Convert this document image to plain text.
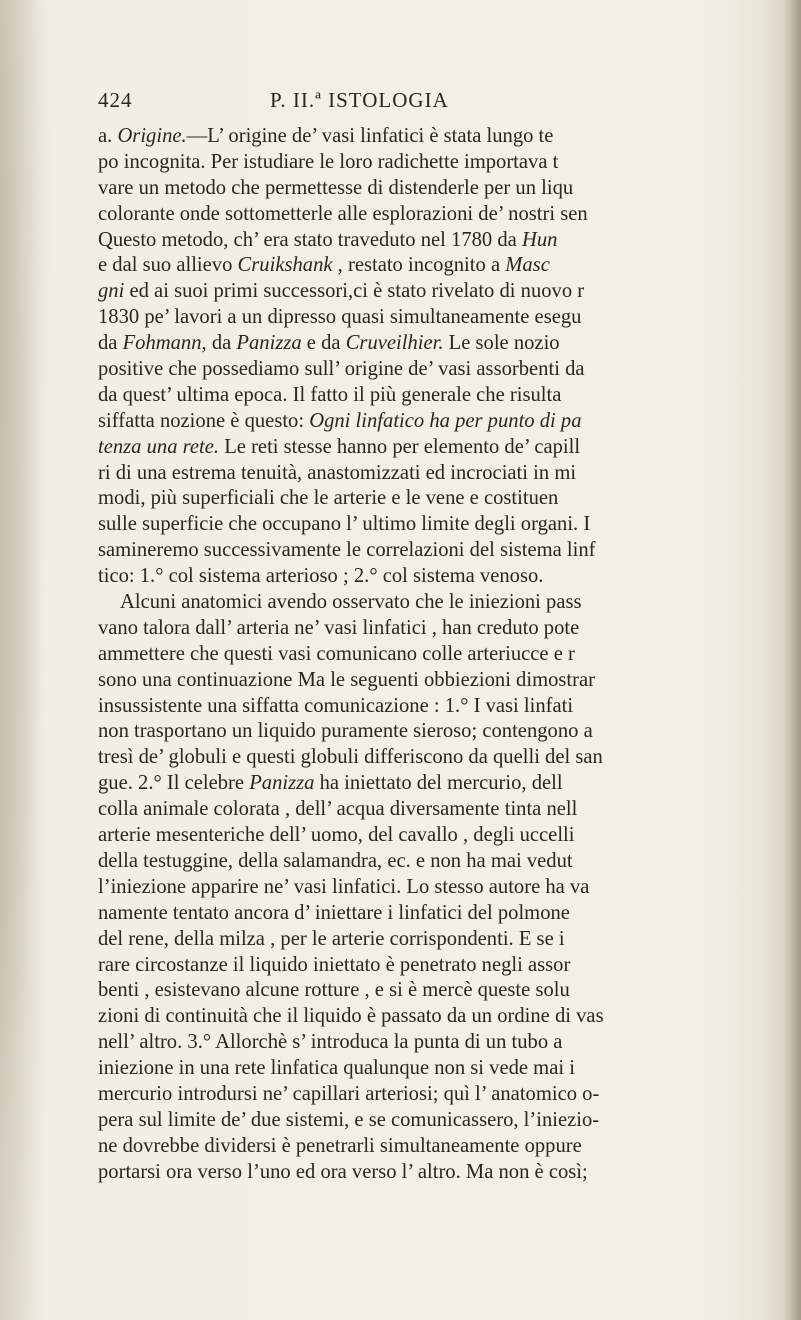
424	P. II.ª ISTOLOGIA
a. Origine.—L’ origine de’ vasi linfatici è stata lungo te
po incognita. Per istudiare le loro radichette importava t
vare un metodo che permettesse di distenderle per un liqu
colorante onde sottometterle alle esplorazioni de’ nostri sen
Questo metodo, ch’ era stato traveduto nel 1780 da Hun
e dal suo allievo Cruikshank , restato incognito a Masc
gni ed ai suoi primi successori,ci è stato rivelato di nuovo r
1830 pe’ lavori a un dipresso quasi simultaneamente esegu
da Fohmann, da Panizza e da Cruveilhier. Le sole nozio
positive che possediamo sull’ origine de’ vasi assorbenti da
da quest’ ultima epoca. Il fatto il più generale che risulta
siffatta nozione è questo: Ogni linfatico ha per punto di pa
tenza una rete. Le reti stesse hanno per elemento de’ capill
ri di una estrema tenuità, anastomizzati ed incrociati in mi
modi, più superficiali che le arterie e le vene e costituen
sulle superficie che occupano l’ ultimo limite degli organi. I
samineremo successivamente le correlazioni del sistema linf
tico: 1.° col sistema arterioso ; 2.° col sistema venoso.
Alcuni anatomici avendo osservato che le iniezioni pass
vano talora dall’ arteria ne’ vasi linfatici , han creduto pote
ammettere che questi vasi comunicano colle arteriucce e r
sono una continuazione Ma le seguenti obbiezioni dimostrar
insussistente una siffatta comunicazione : 1.° I vasi linfati
non trasportano un liquido puramente sieroso; contengono a
tresì de’ globuli e questi globuli differiscono da quelli del san
gue. 2.° Il celebre Panizza ha iniettato del mercurio, dell
colla animale colorata , dell’ acqua diversamente tinta nell
arterie mesenteriche dell’ uomo, del cavallo , degli uccelli
della testuggine, della salamandra, ec. e non ha mai vedut
l’iniezione apparire ne’ vasi linfatici. Lo stesso autore ha va
namente tentato ancora d’ iniettare i linfatici del polmone
del rene, della milza , per le arterie corrispondenti. E se i
rare circostanze il liquido iniettato è penetrato negli assor
benti , esistevano alcune rotture , e si è mercè queste solu
zioni di continuità che il liquido è passato da un ordine di vas
nell’ altro. 3.° Allorchè s’ introduca la punta di un tubo a
iniezione in una rete linfatica qualunque non si vede mai i
mercurio introdursi ne’ capillari arteriosi; quì l’ anatomico o-
pera sul limite de’ due sistemi, e se comunicassero, l’iniezio-
ne dovrebbe dividersi è penetrarli simultaneamente oppure
portarsi ora verso l’uno ed ora verso l’ altro. Ma non è così;
